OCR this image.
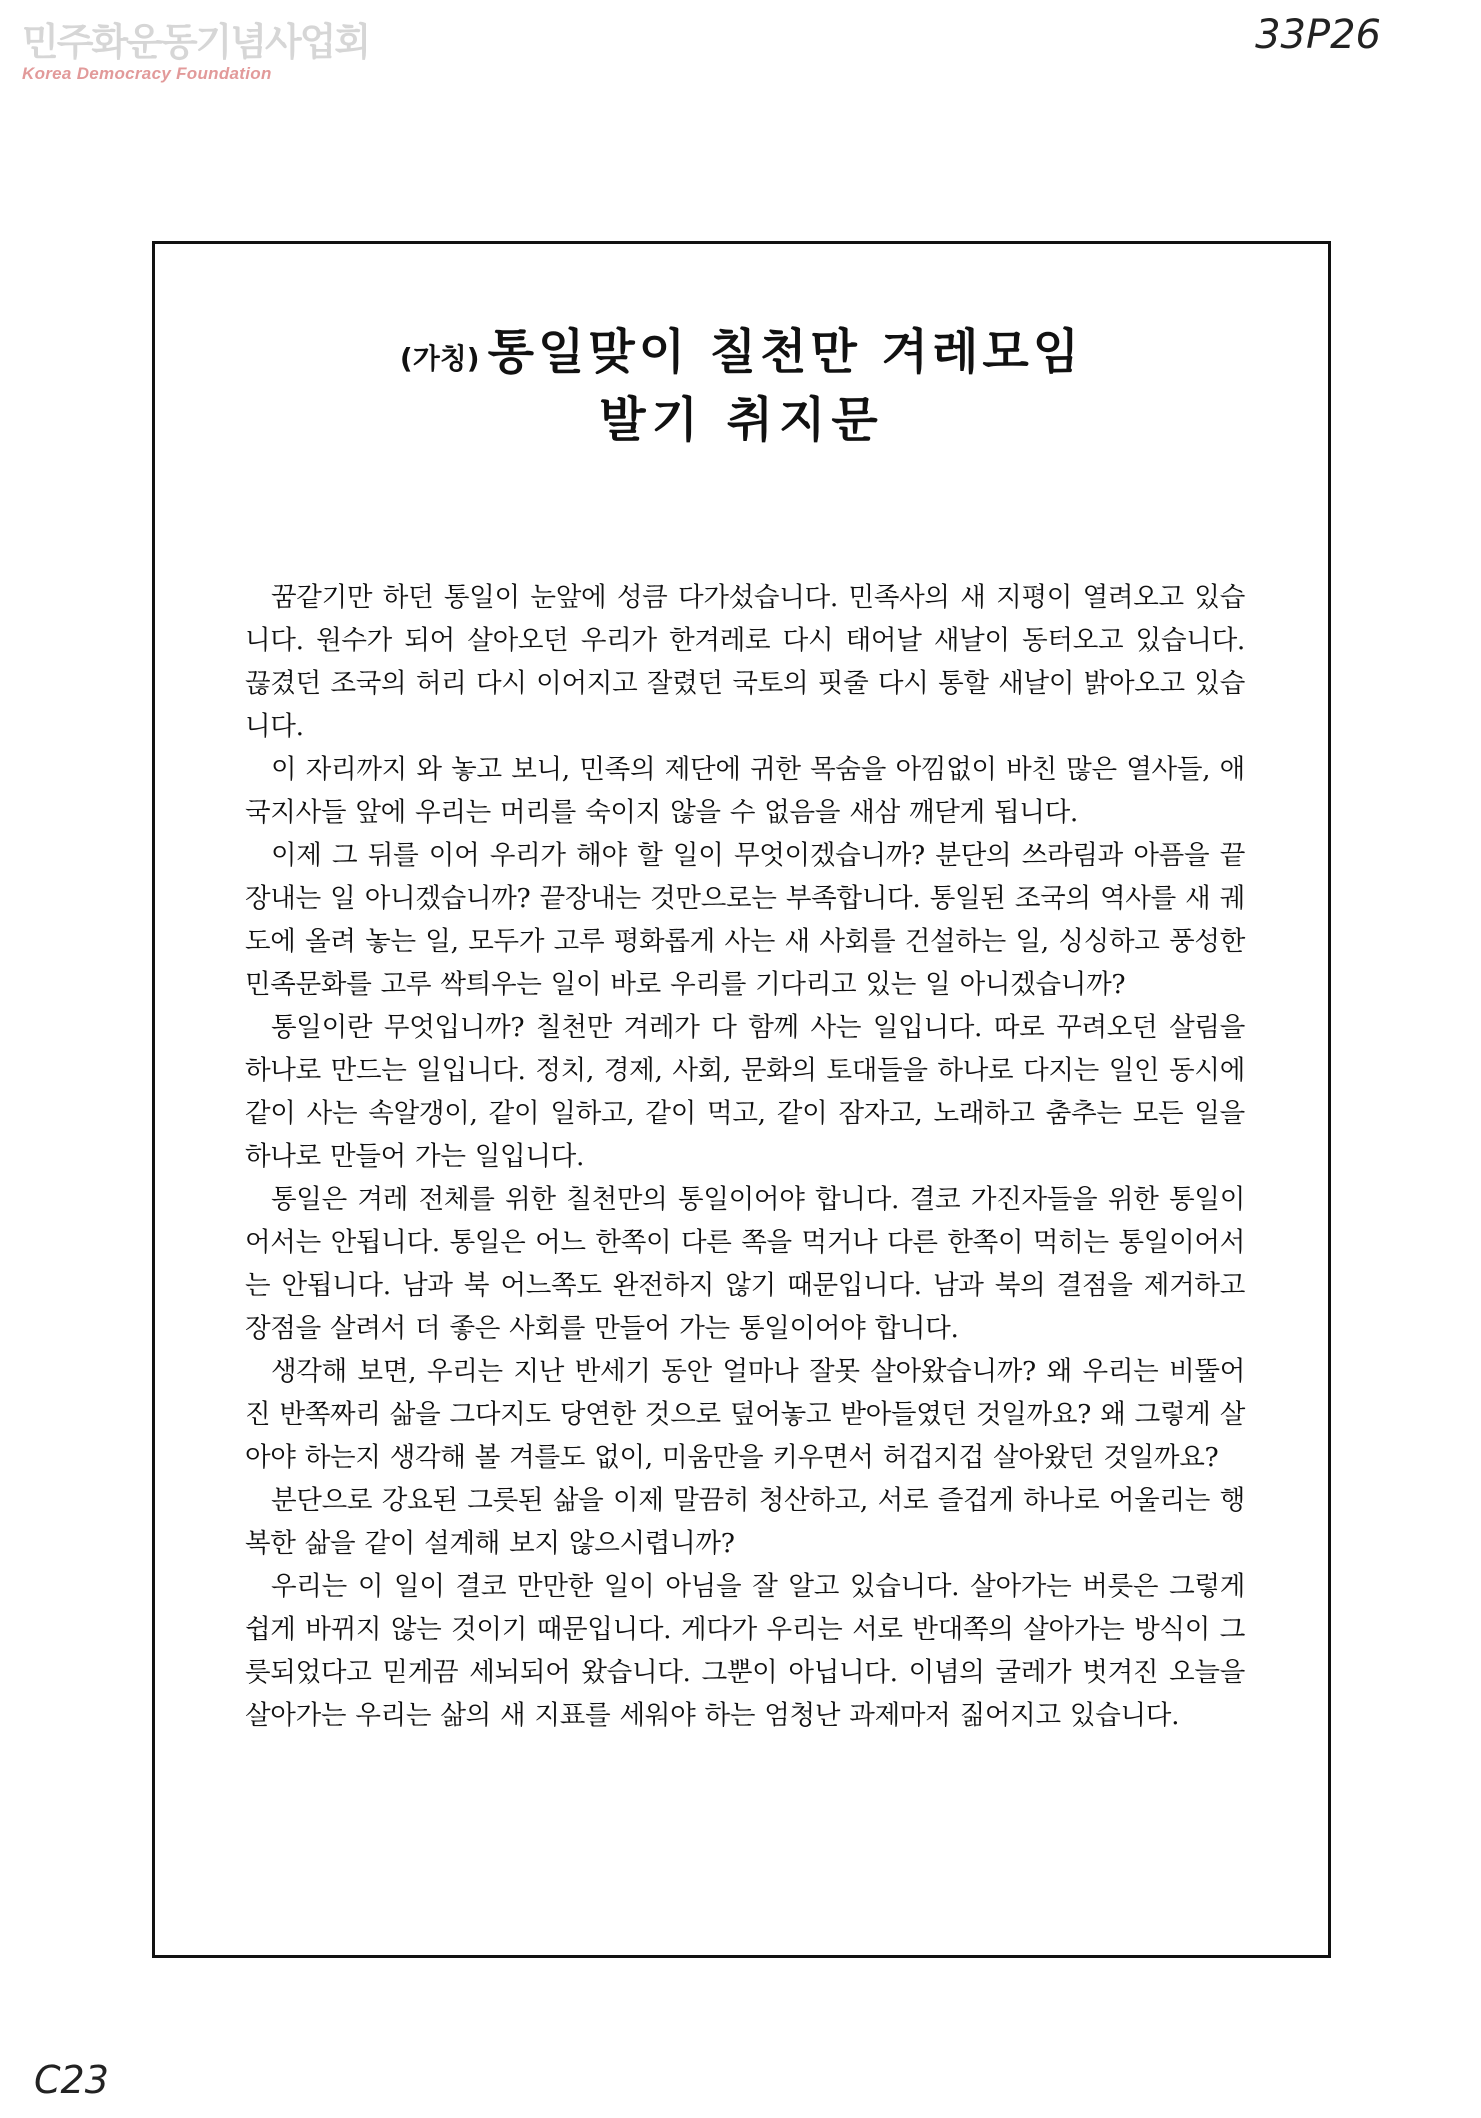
민주화운동기념사업회
Korea Democracy Foundation
33P26
(가칭) 통일맞이 칠천만 겨레모임
발기 취지문

꿈같기만 하던 통일이 눈앞에 성큼 다가섰습니다. 민족사의 새 지평이 열려오고 있습니다. 원수가 되어 살아오던 우리가 한겨레로 다시 태어날 새날이 동터오고 있습니다. 끊겼던 조국의 허리 다시 이어지고 잘렸던 국토의 핏줄 다시 통할 새날이 밝아오고 있습니다.

이 자리까지 와 놓고 보니, 민족의 제단에 귀한 목숨을 아낌없이 바친 많은 열사들, 애국지사들 앞에 우리는 머리를 숙이지 않을 수 없음을 새삼 깨닫게 됩니다.

이제 그 뒤를 이어 우리가 해야 할 일이 무엇이겠습니까? 분단의 쓰라림과 아픔을 끝장내는 일 아니겠습니까? 끝장내는 것만으로는 부족합니다. 통일된 조국의 역사를 새 궤도에 올려 놓는 일, 모두가 고루 평화롭게 사는 새 사회를 건설하는 일, 싱싱하고 풍성한 민족문화를 고루 싹틔우는 일이 바로 우리를 기다리고 있는 일 아니겠습니까?

통일이란 무엇입니까? 칠천만 겨레가 다 함께 사는 일입니다. 따로 꾸려오던 살림을 하나로 만드는 일입니다. 정치, 경제, 사회, 문화의 토대들을 하나로 다지는 일인 동시에 같이 사는 속알갱이, 같이 일하고, 같이 먹고, 같이 잠자고, 노래하고 춤추는 모든 일을 하나로 만들어 가는 일입니다.

통일은 겨레 전체를 위한 칠천만의 통일이어야 합니다. 결코 가진자들을 위한 통일이어서는 안됩니다. 통일은 어느 한쪽이 다른 쪽을 먹거나 다른 한쪽이 먹히는 통일이어서는 안됩니다. 남과 북 어느쪽도 완전하지 않기 때문입니다. 남과 북의 결점을 제거하고 장점을 살려서 더 좋은 사회를 만들어 가는 통일이어야 합니다.

생각해 보면, 우리는 지난 반세기 동안 얼마나 잘못 살아왔습니까? 왜 우리는 비뚤어진 반쪽짜리 삶을 그다지도 당연한 것으로 덮어놓고 받아들였던 것일까요? 왜 그렇게 살아야 하는지 생각해 볼 겨를도 없이, 미움만을 키우면서 허겁지겁 살아왔던 것일까요?

분단으로 강요된 그릇된 삶을 이제 말끔히 청산하고, 서로 즐겁게 하나로 어울리는 행복한 삶을 같이 설계해 보지 않으시렵니까?

우리는 이 일이 결코 만만한 일이 아님을 잘 알고 있습니다. 살아가는 버릇은 그렇게 쉽게 바뀌지 않는 것이기 때문입니다. 게다가 우리는 서로 반대쪽의 살아가는 방식이 그릇되었다고 믿게끔 세뇌되어 왔습니다. 그뿐이 아닙니다. 이념의 굴레가 벗겨진 오늘을 살아가는 우리는 삶의 새 지표를 세워야 하는 엄청난 과제마저 짊어지고 있습니다.

C23
